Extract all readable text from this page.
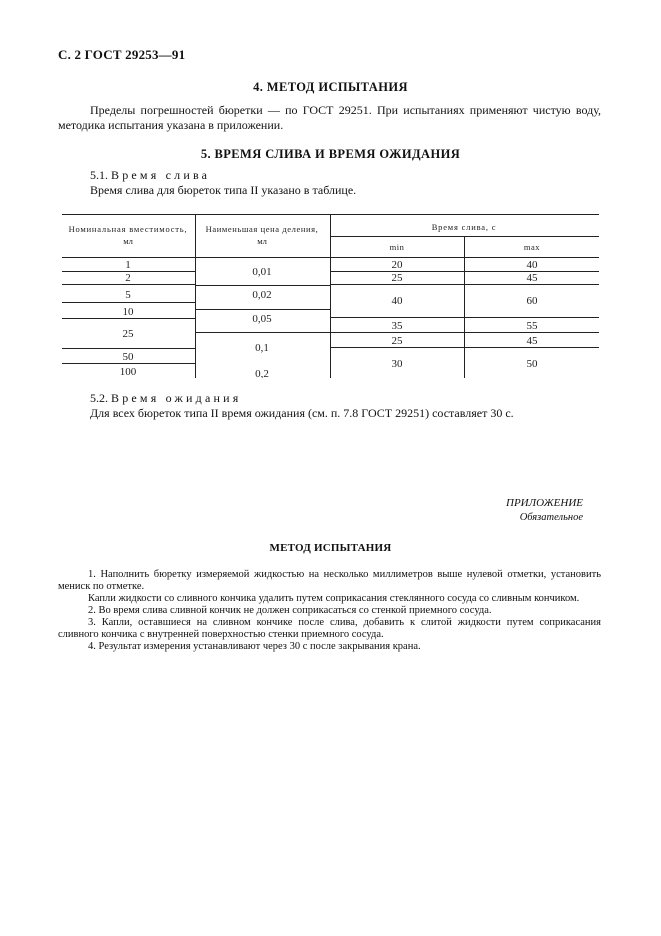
С. 2 ГОСТ 29253—91
4. МЕТОД ИСПЫТАНИЯ
Пределы погрешностей бюретки — по ГОСТ 29251. При испытаниях применяют чистую воду, методика испытания указана в приложении.
5. ВРЕМЯ СЛИВА И ВРЕМЯ ОЖИДАНИЯ
5.1. Время слива
Время слива для бюреток типа II указано в таблице.
Номинальная вместимость,
мл
Наименьшая цена деления,
мл
Время слива, с
min	max
1
2
5
10
25
50
100
0,01
0,02
0,05
0,1
0,2
20
25
40
35
25
30
40
45
60
55
45
50
5.2. Время ожидания
Для всех бюреток типа II время ожидания (см. п. 7.8 ГОСТ 29251) составляет 30 с.
ПРИЛОЖЕНИЕ
Обязательное
МЕТОД ИСПЫТАНИЯ

1. Наполнить бюретку измеряемой жидкостью на несколько миллиметров выше нулевой отметки, установить мениск по отметке.

Капли жидкости со сливного кончика удалить путем соприкасания стеклянного сосуда со сливным кончиком.

2. Во время слива сливной кончик не должен соприкасаться со стенкой приемного сосуда.

3. Капли, оставшиеся на сливном кончике после слива, добавить к слитой жидкости путем соприкасания сливного кончика с внутренней поверхностью стенки приемного сосуда.

4. Результат измерения устанавливают через 30 с после закрывания крана.
